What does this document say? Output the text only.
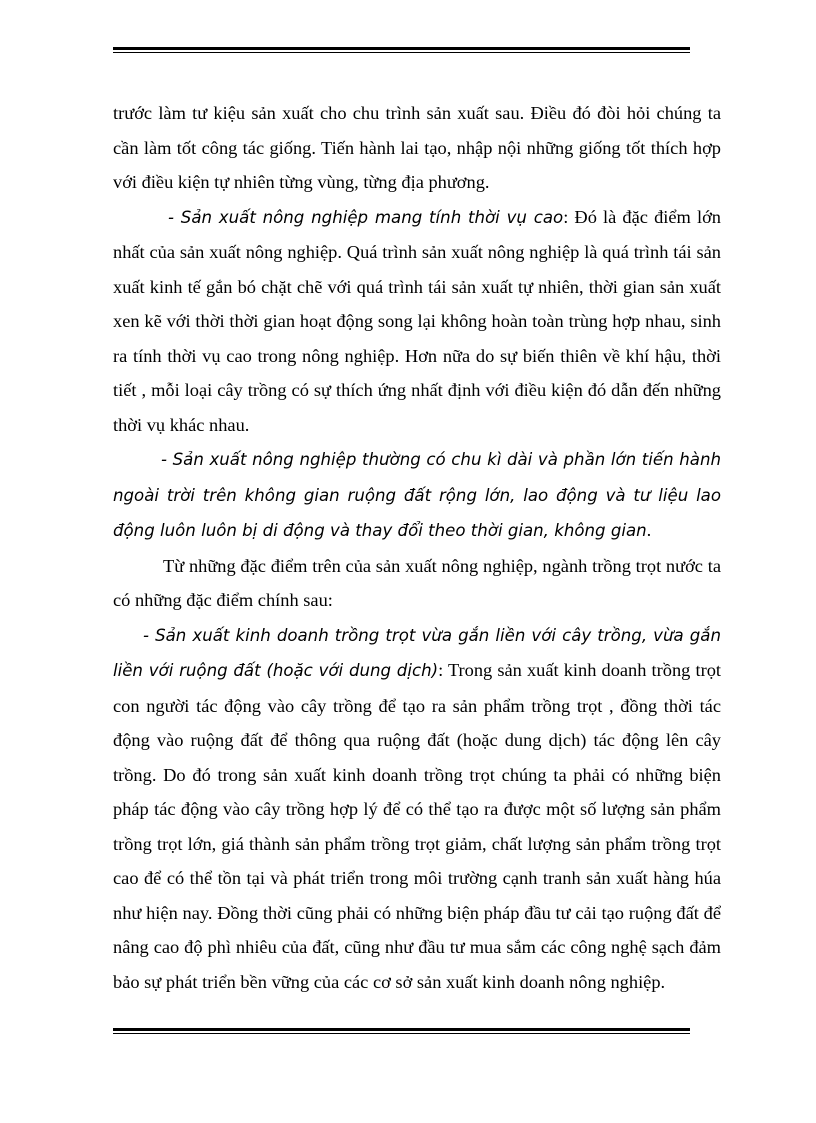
trước làm tư kiệu sản xuất cho chu trình sản xuất sau. Điều đó đòi hỏi chúng ta cần làm tốt công tác giống. Tiến hành lai tạo, nhập nội những giống tốt thích hợp với điều kiện tự nhiên từng vùng, từng địa phương.

- Sản xuất nông nghiệp mang tính thời vụ cao: Đó là đặc điểm lớn nhất của sản xuất nông nghiệp. Quá trình sản xuất nông nghiệp là quá trình tái sản xuất kinh tế gắn bó chặt chẽ với quá trình tái sản xuất tự nhiên, thời gian sản xuất xen kẽ với thời thời gian hoạt động song lại không hoàn toàn trùng hợp nhau, sinh ra tính thời vụ cao trong nông nghiệp. Hơn nữa do sự biến thiên về khí hậu, thời tiết , mỗi loại cây trồng có sự thích ứng nhất định với điều kiện đó dẫn đến những thời vụ khác nhau.

- Sản xuất nông nghiệp thường có chu kì dài và phần lớn tiến hành ngoài trời trên không gian ruộng đất rộng lớn, lao động và tư liệu lao động luôn luôn bị di động và thay đổi theo thời gian, không gian.

Từ những đặc điểm trên của sản xuất nông nghiệp, ngành trồng trọt nước ta có những đặc điểm chính sau:

- Sản xuất kinh doanh trồng trọt vừa gắn liền với cây trồng, vừa gắn liền với ruộng đất (hoặc với dung dịch): Trong sản xuất kinh doanh trồng trọt con người tác động vào cây trồng để tạo ra sản phẩm trồng trọt , đồng thời tác động vào ruộng đất để thông qua ruộng đất (hoặc dung dịch) tác động lên cây trồng. Do đó trong sản xuất kinh doanh trồng trọt chúng ta phải có những biện pháp tác động vào cây trồng hợp lý để có thể tạo ra được một số lượng sản phẩm trồng trọt lớn, giá thành sản phẩm trồng trọt giảm, chất lượng sản phẩm trồng trọt cao để có thể tồn tại và phát triển trong môi trường cạnh tranh sản xuất hàng húa như hiện nay. Đồng thời cũng phải có những biện pháp đầu tư cải tạo ruộng đất để nâng cao độ phì nhiêu của đất, cũng như đầu tư mua sắm các công nghệ sạch đảm bảo sự phát triển bền vững của các cơ sở sản xuất kinh doanh nông nghiệp.
